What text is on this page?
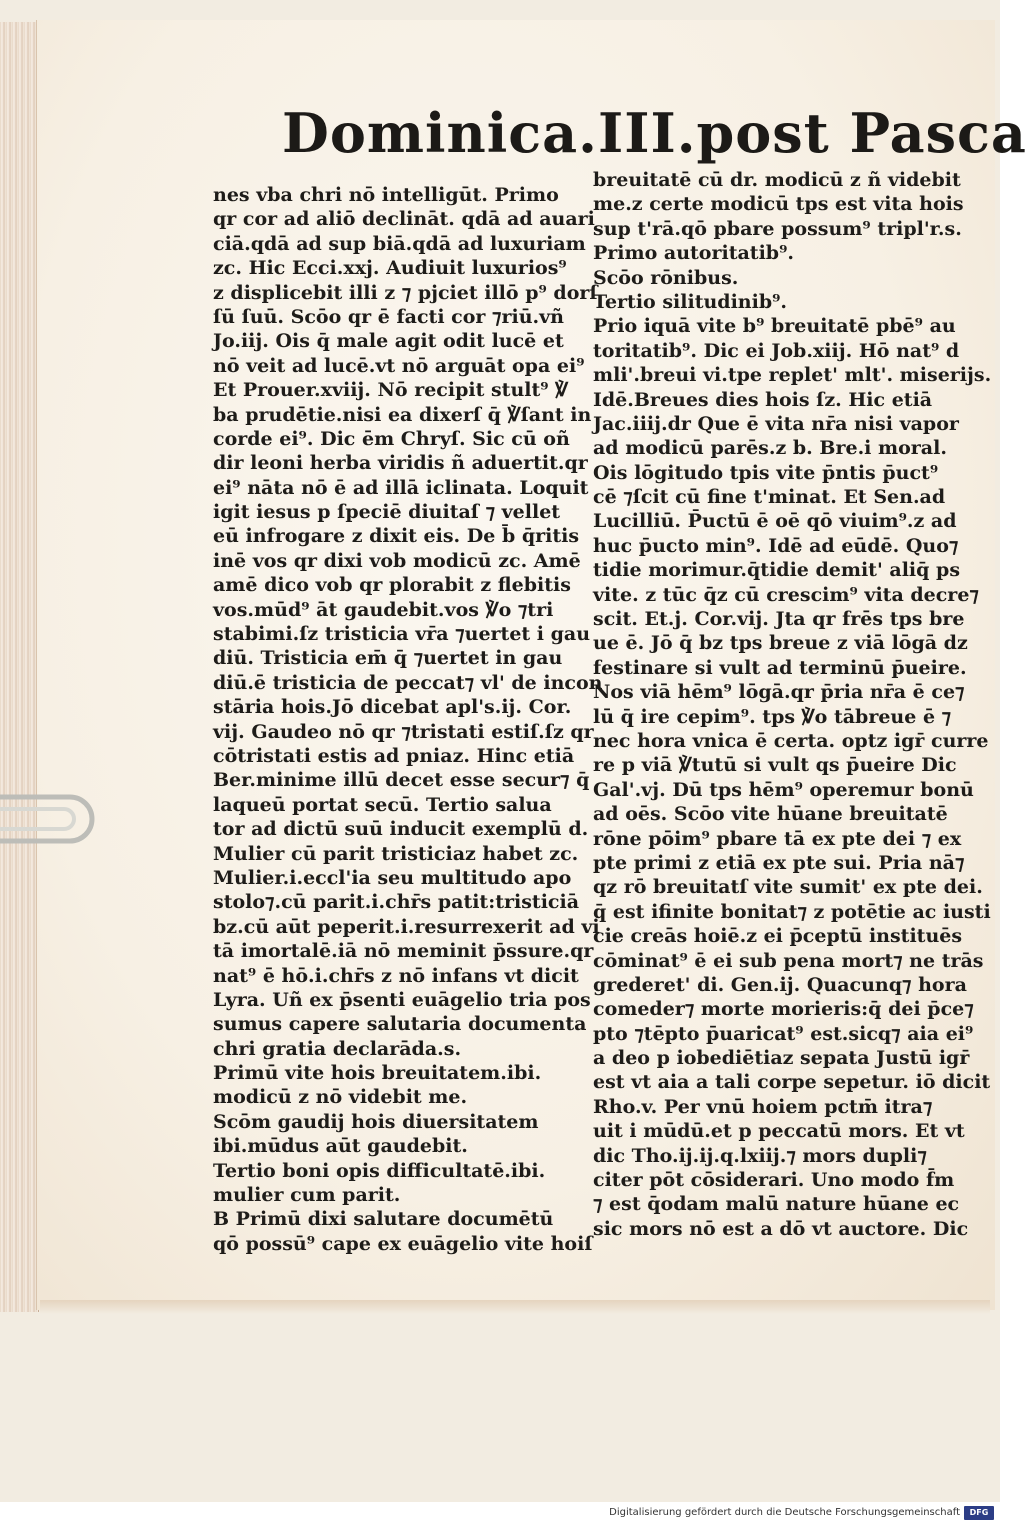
Dominica.III.post Pasca
nes vba chri nō intelligūt. Primo
qr cor ad aliō declināt. qdā ad auari
ciā.qdā ad sup biā.qdā ad luxuriam
zc. Hic Ecci.xxj. Audiuit luxurios⁹
z displicebit illi z ⁊ pjciet illō p⁹ dorſ
ſū ſuū. Scōo qr ē facti cor ⁊riū.vñ
Jo.iij. Ois q̄ male agit odit lucē et
nō veit ad lucē.vt nō arguāt opa ei⁹
Et Prouer.xviij. Nō recipit stult⁹ ℣
ba prudētie.nisi ea dixerſ q̄ ℣ſant in
corde ei⁹. Dic ēm Chryſ. Sic cū oñ
dir leoni herba viridis ñ aduertit.qr
ei⁹ nāta nō ē ad illā iclinata. Loquit
igit iesus p ſpeciē diuitaſ ⁊ vellet
eū infrogare z dixit eis. De b̄ q̄ritis
inē vos qr dixi vob modicū zc. Amē
amē dico vob qr plorabit z flebitis
vos.mūd⁹ āt gaudebit.vos ℣o ⁊tri
stabimi.ſz tristicia vr̄a ⁊uertet i gau
diū. Tristicia em̄ q̄ ⁊uertet in gau
diū.ē tristicia de peccat⁊ vl' de incon
stāria hois.Jō dicebat apl's.ij. Cor.
vij. Gaudeo nō qr ⁊tristati estiſ.ſz qr
cōtristati estis ad pniaz. Hinc etiā
Ber.minime illū decet esse secur⁊ q̄
laqueū portat secū. Tertio salua
tor ad dictū suū inducit exemplū d.
Mulier cū parit tristiciaz habet zc.
Mulier.i.eccl'ia seu multitudo apo
stolo⁊.cū parit.i.chr̄s patit:tristiciā
bz.cū aūt peperit.i.resurrexerit ad vi
tā imortalē.iā nō meminit p̄ssure.qr
nat⁹ ē hō.i.chr̄s z nō infans vt dicit
Lyra. Uñ ex p̄senti euāgelio tria pos
sumus capere salutaria documenta
chri gratia declarāda.s.
Primū vite hois breuitatem.ibi.
modicū z nō videbit me.
Scōm gaudij hois diuersitatem
ibi.mūdus aūt gaudebit.
Tertio boni opis difficultatē.ibi.
mulier cum parit.
B Primū dixi salutare documētū
qō possū⁹ cape ex euāgelio vite hoiſ
breuitatē cū dr. modicū z ñ videbit
me.z certe modicū tps est vita hois
sup t'rā.qō pbare possum⁹ tripl'r.s.
Primo autoritatib⁹.
Scōo rōnibus.
Tertio silitudinib⁹.
Prio iquā vite b⁹ breuitatē pbē⁹ au
toritatib⁹. Dic ei Job.xiij. Hō nat⁹ d
mli'.breui vi.tpe replet' mlt'. miserijs.
Idē.Breues dies hois ſz. Hic etiā
Jac.iiij.dr Que ē vita nr̄a nisi vapor
ad modicū parēs.z b. Bre.i moral.
Ois lōgitudo tpis vite p̄ntis p̄uct⁹
cē ⁊ſcit cū fine t'minat. Et Sen.ad
Lucilliū. P̄uctū ē oē qō viuim⁹.z ad
huc p̄ucto min⁹. Idē ad eūdē. Quo⁊
tidie morimur.q̄tidie demit' aliq̄ ps
vite. z tūc q̄z cū crescim⁹ vita decre⁊
scit. Et.j. Cor.vij. Jta qr frēs tps bre
ue ē. Jō q̄ bz tps breue z viā lōgā dz
festinare si vult ad terminū p̄ueire.
Nos viā hēm⁹ lōgā.qr p̄ria nr̄a ē ce⁊
lū q̄ ire cepim⁹. tps ℣o tābreue ē ⁊
nec hora vnica ē certa. optz igr̄ curre
re p viā ℣tutū si vult qs p̄ueire Dic
Gal'.vj. Dū tps hēm⁹ operemur bonū
ad oēs. Scōo vite hūane breuitatē
rōne pōim⁹ pbare tā ex pte dei ⁊ ex
pte primi z etiā ex pte sui. Pria nā⁊
qz rō breuitatſ vite sumit' ex pte dei.
q̄ est ifinite bonitat⁊ z potētie ac iusti
cie creās hoiē.z ei p̄ceptū instituēs
cōminat⁹ ē ei sub pena mort⁊ ne trās
grederet' di. Gen.ij. Quacunq⁊ hora
comeder⁊ morte morieris:q̄ dei p̄ce⁊
pto ⁊tēpto p̄uaricat⁹ est.sicq⁊ aia ei⁹
a deo p iobediētiaz sepata Justū igr̄
est vt aia a tali corpe sepetur. iō dicit
Rho.v. Per vnū hoiem pctm̄ itra⁊
uit i mūdū.et p peccatū mors. Et vt
dic Tho.ij.ij.q.lxiij.⁊ mors dupli⁊
citer pōt cōsiderari. Uno modo f̄m
⁊ est q̄odam malū nature hūane ec
sic mors nō est a dō vt auctore. Dic
Digitalisierung gefördert durch die Deutsche Forschungsgemeinschaft	DFG
